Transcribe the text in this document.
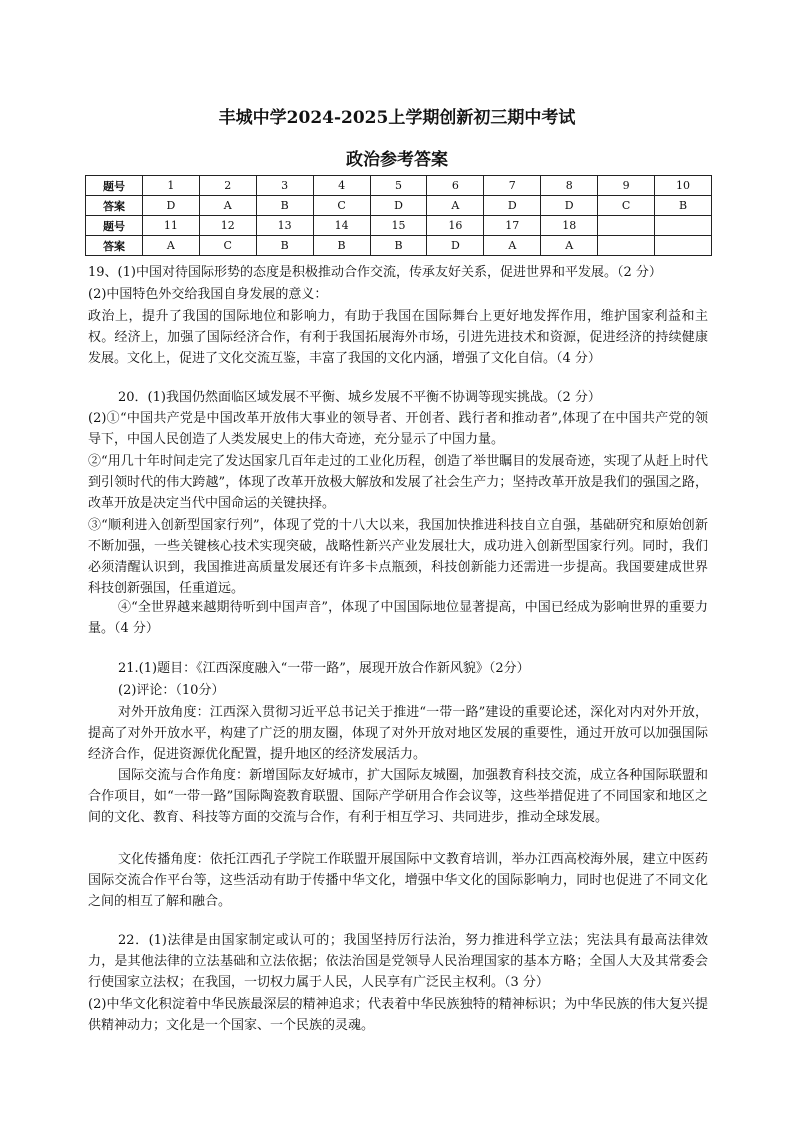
丰城中学2024-2025上学期创新初三期中考试
政治参考答案
题号	1	2	3	4	5	6	7	8	9	10
答案	D	A	B	C	D	A	D	D	C	B
题号	11	12	13	14	15	16	17	18		
答案	A	C	B	B	B	D	A	A		
19、(1)中国对待国际形势的态度是积极推动合作交流，传承友好关系，促进世界和平发展。（2 分）
(2)中国特色外交给我国自身发展的意义：
政治上，提升了我国的国际地位和影响力，有助于我国在国际舞台上更好地发挥作用，维护国家利益和主权。经济上，加强了国际经济合作，有利于我国拓展海外市场，引进先进技术和资源，促进经济的持续健康发展。文化上，促进了文化交流互鉴，丰富了我国的文化内涵，增强了文化自信。（4 分）
20．(1)我国仍然面临区域发展不平衡、城乡发展不平衡不协调等现实挑战。（2 分）
(2)①“中国共产党是中国改革开放伟大事业的领导者、开创者、践行者和推动者”,体现了在中国共产党的领导下，中国人民创造了人类发展史上的伟大奇迹，充分显示了中国力量。
②“用几十年时间走完了发达国家几百年走过的工业化历程，创造了举世瞩目的发展奇迹，实现了从赶上时代到引领时代的伟大跨越”，体现了改革开放极大解放和发展了社会生产力；坚持改革开放是我们的强国之路，改革开放是决定当代中国命运的关键抉择。
③“顺利进入创新型国家行列”，体现了党的十八大以来，我国加快推进科技自立自强，基础研究和原始创新不断加强，一些关键核心技术实现突破，战略性新兴产业发展壮大，成功进入创新型国家行列。同时，我们必须清醒认识到，我国推进高质量发展还有许多卡点瓶颈，科技创新能力还需进一步提高。我国要建成世界科技创新强国，任重道远。
④“全世界越来越期待听到中国声音”，体现了中国国际地位显著提高，中国已经成为影响世界的重要力量。（4 分）
21.(1)题目：《江西深度融入“一带一路”，展现开放合作新风貌》（2分）
(2)评论：（10分）
对外开放角度：江西深入贯彻习近平总书记关于推进“一带一路”建设的重要论述，深化对内对外开放，提高了对外开放水平，构建了广泛的朋友圈，体现了对外开放对地区发展的重要性，通过开放可以加强国际经济合作，促进资源优化配置，提升地区的经济发展活力。
国际交流与合作角度：新增国际友好城市，扩大国际友城圈，加强教育科技交流，成立各种国际联盟和合作项目，如“一带一路”国际陶瓷教育联盟、国际产学研用合作会议等，这些举措促进了不同国家和地区之间的文化、教育、科技等方面的交流与合作，有利于相互学习、共同进步，推动全球发展。
文化传播角度：依托江西孔子学院工作联盟开展国际中文教育培训，举办江西高校海外展，建立中医药国际交流合作平台等，这些活动有助于传播中华文化，增强中华文化的国际影响力，同时也促进了不同文化之间的相互了解和融合。
22．(1)法律是由国家制定或认可的；我国坚持厉行法治，努力推进科学立法；宪法具有最高法律效力，是其他法律的立法基础和立法依据；依法治国是党领导人民治理国家的基本方略；全国人大及其常委会行使国家立法权；在我国，一切权力属于人民，人民享有广泛民主权利。（3 分）
(2)中华文化积淀着中华民族最深层的精神追求；代表着中华民族独特的精神标识；为中华民族的伟大复兴提供精神动力；文化是一个国家、一个民族的灵魂。
